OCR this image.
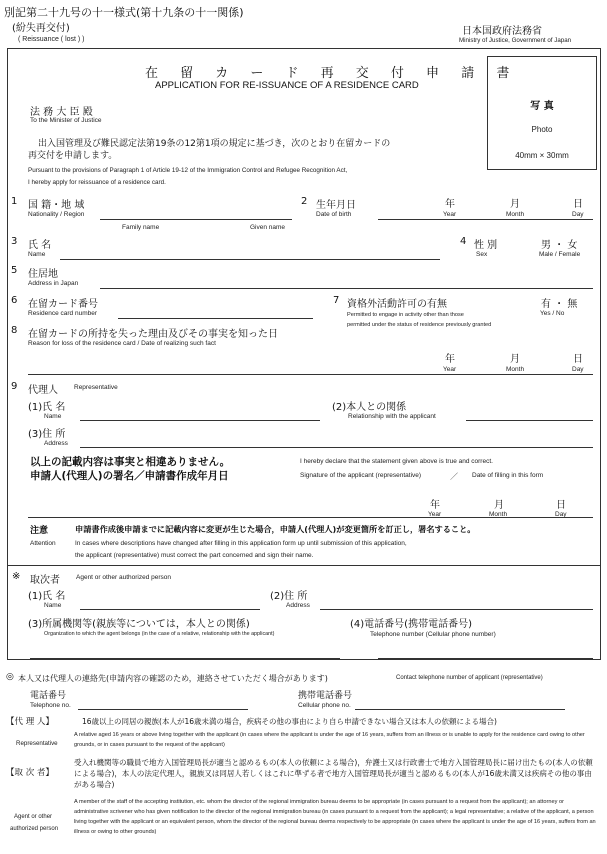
別記第二十九号の十一様式(第十九条の十一関係)
(紛失再交付)
( Reissuance ( lost ) )
日本国政府法務省
Ministry of Justice, Government of Japan
在 留 カ ー ド 再 交 付 申 請 書
APPLICATION FOR RE-ISSUANCE OF A RESIDENCE CARD
写 真
Photo
40mm × 30mm
法 務 大 臣 殿
To the Minister of Justice
出入国管理及び難民認定法第19条の12第1項の規定に基づき，次のとおり在留カードの
再交付を申請します。
Pursuant to the provisions of Paragraph 1 of Article 19-12 of the Immigration Control and Refugee Recognition Act,
I hereby apply for reissuance of a residence card.
1 国 籍・地 域
Nationality / Region
2 生年月日
Date of birth
年	月	日
Year	Month	Day
Family name	Given name
3 氏 名
Name
4 性 別
Sex
男 ・ 女
Male / Female
5 住居地
Address in Japan
6 在留カード番号
Residence card number
7 資格外活動許可の有無
Permitted to engage in activity other than those
permitted under the status of residence previously granted
有 ・ 無
Yes / No
8 在留カードの所持を失った理由及びその事実を知った日
Reason for loss of the residence card / Date of realizing such fact
年	月	日
Year	Month	Day
9 代理人 Representative
(1)氏 名
Name
(2)本人との関係
Relationship with the applicant
(3)住 所
Address
以上の記載内容は事実と相違ありません。
申請人(代理人)の署名／申請書作成年月日
I hereby declare that the statement given above is true and correct.
Signature of the applicant (representative)	／ Date of filling in this form
年	月	日
Year	Month	Day
注意
Attention
申請書作成後申請までに記載内容に変更が生じた場合，申請人(代理人)が変更箇所を訂正し，署名すること。
In cases where descriptions have changed after filling in this application form up until submission of this application,
the applicant (representative) must correct the part concerned and sign their name.
※ 取次者 Agent or other authorized person
(1)氏 名
Name
(2)住 所
Address
(3)所属機関等(親族等については，本人との関係)
Organization to which the agent belongs (in the case of a relative, relationship with the applicant)
(4)電話番号(携帯電話番号)
Telephone number (Cellular phone number)
◎ 本人又は代理人の連絡先(申請内容の確認のため，連絡させていただく場合があります)	Contact telephone number of applicant (representative)
電話番号
Telephone no.
携帯電話番号
Cellular phone no.
【代 理 人】	16歳以上の同居の親族(本人が16歳未満の場合，疾病その他の事由により自ら申請できない場合又は本人の依頼による場合)
Representative
A relative aged 16 years or above living together with the applicant (in cases where the applicant is under the age of 16 years, suffers from an illness or is unable to apply for the residence card owing to other grounds, or in cases pursuant to the request of the applicant)
【取 次 者】
受入れ機関等の職員で地方入国管理局長が適当と認めるもの(本人の依頼による場合)，弁護士又は行政書士で地方入国管理局長に届け出たもの(本人の依頼による場合)，本人の法定代理人，親族又は同居人若しくはこれに準ずる者で地方入国管理局長が適当と認めるもの(本人が16歳未満又は疾病その他の事由がある場合)
Agent or other
authorized person
A member of the staff of the accepting institution, etc. whom the director of the regional immigration bureau deems to be appropriate (in cases pursuant to a request from the applicant); an attorney or administrative scrivener who has given notification to the director of the regional immigration bureau (in cases pursuant to a request from the applicant); a legal representative; a relative of the applicant, a person living together with the applicant or an equivalent person, whom the director of the regional bureau deems respectively to be appropriate (in cases where the applicant is under the age of 16 years, suffers from an illness or owing to other grounds)
